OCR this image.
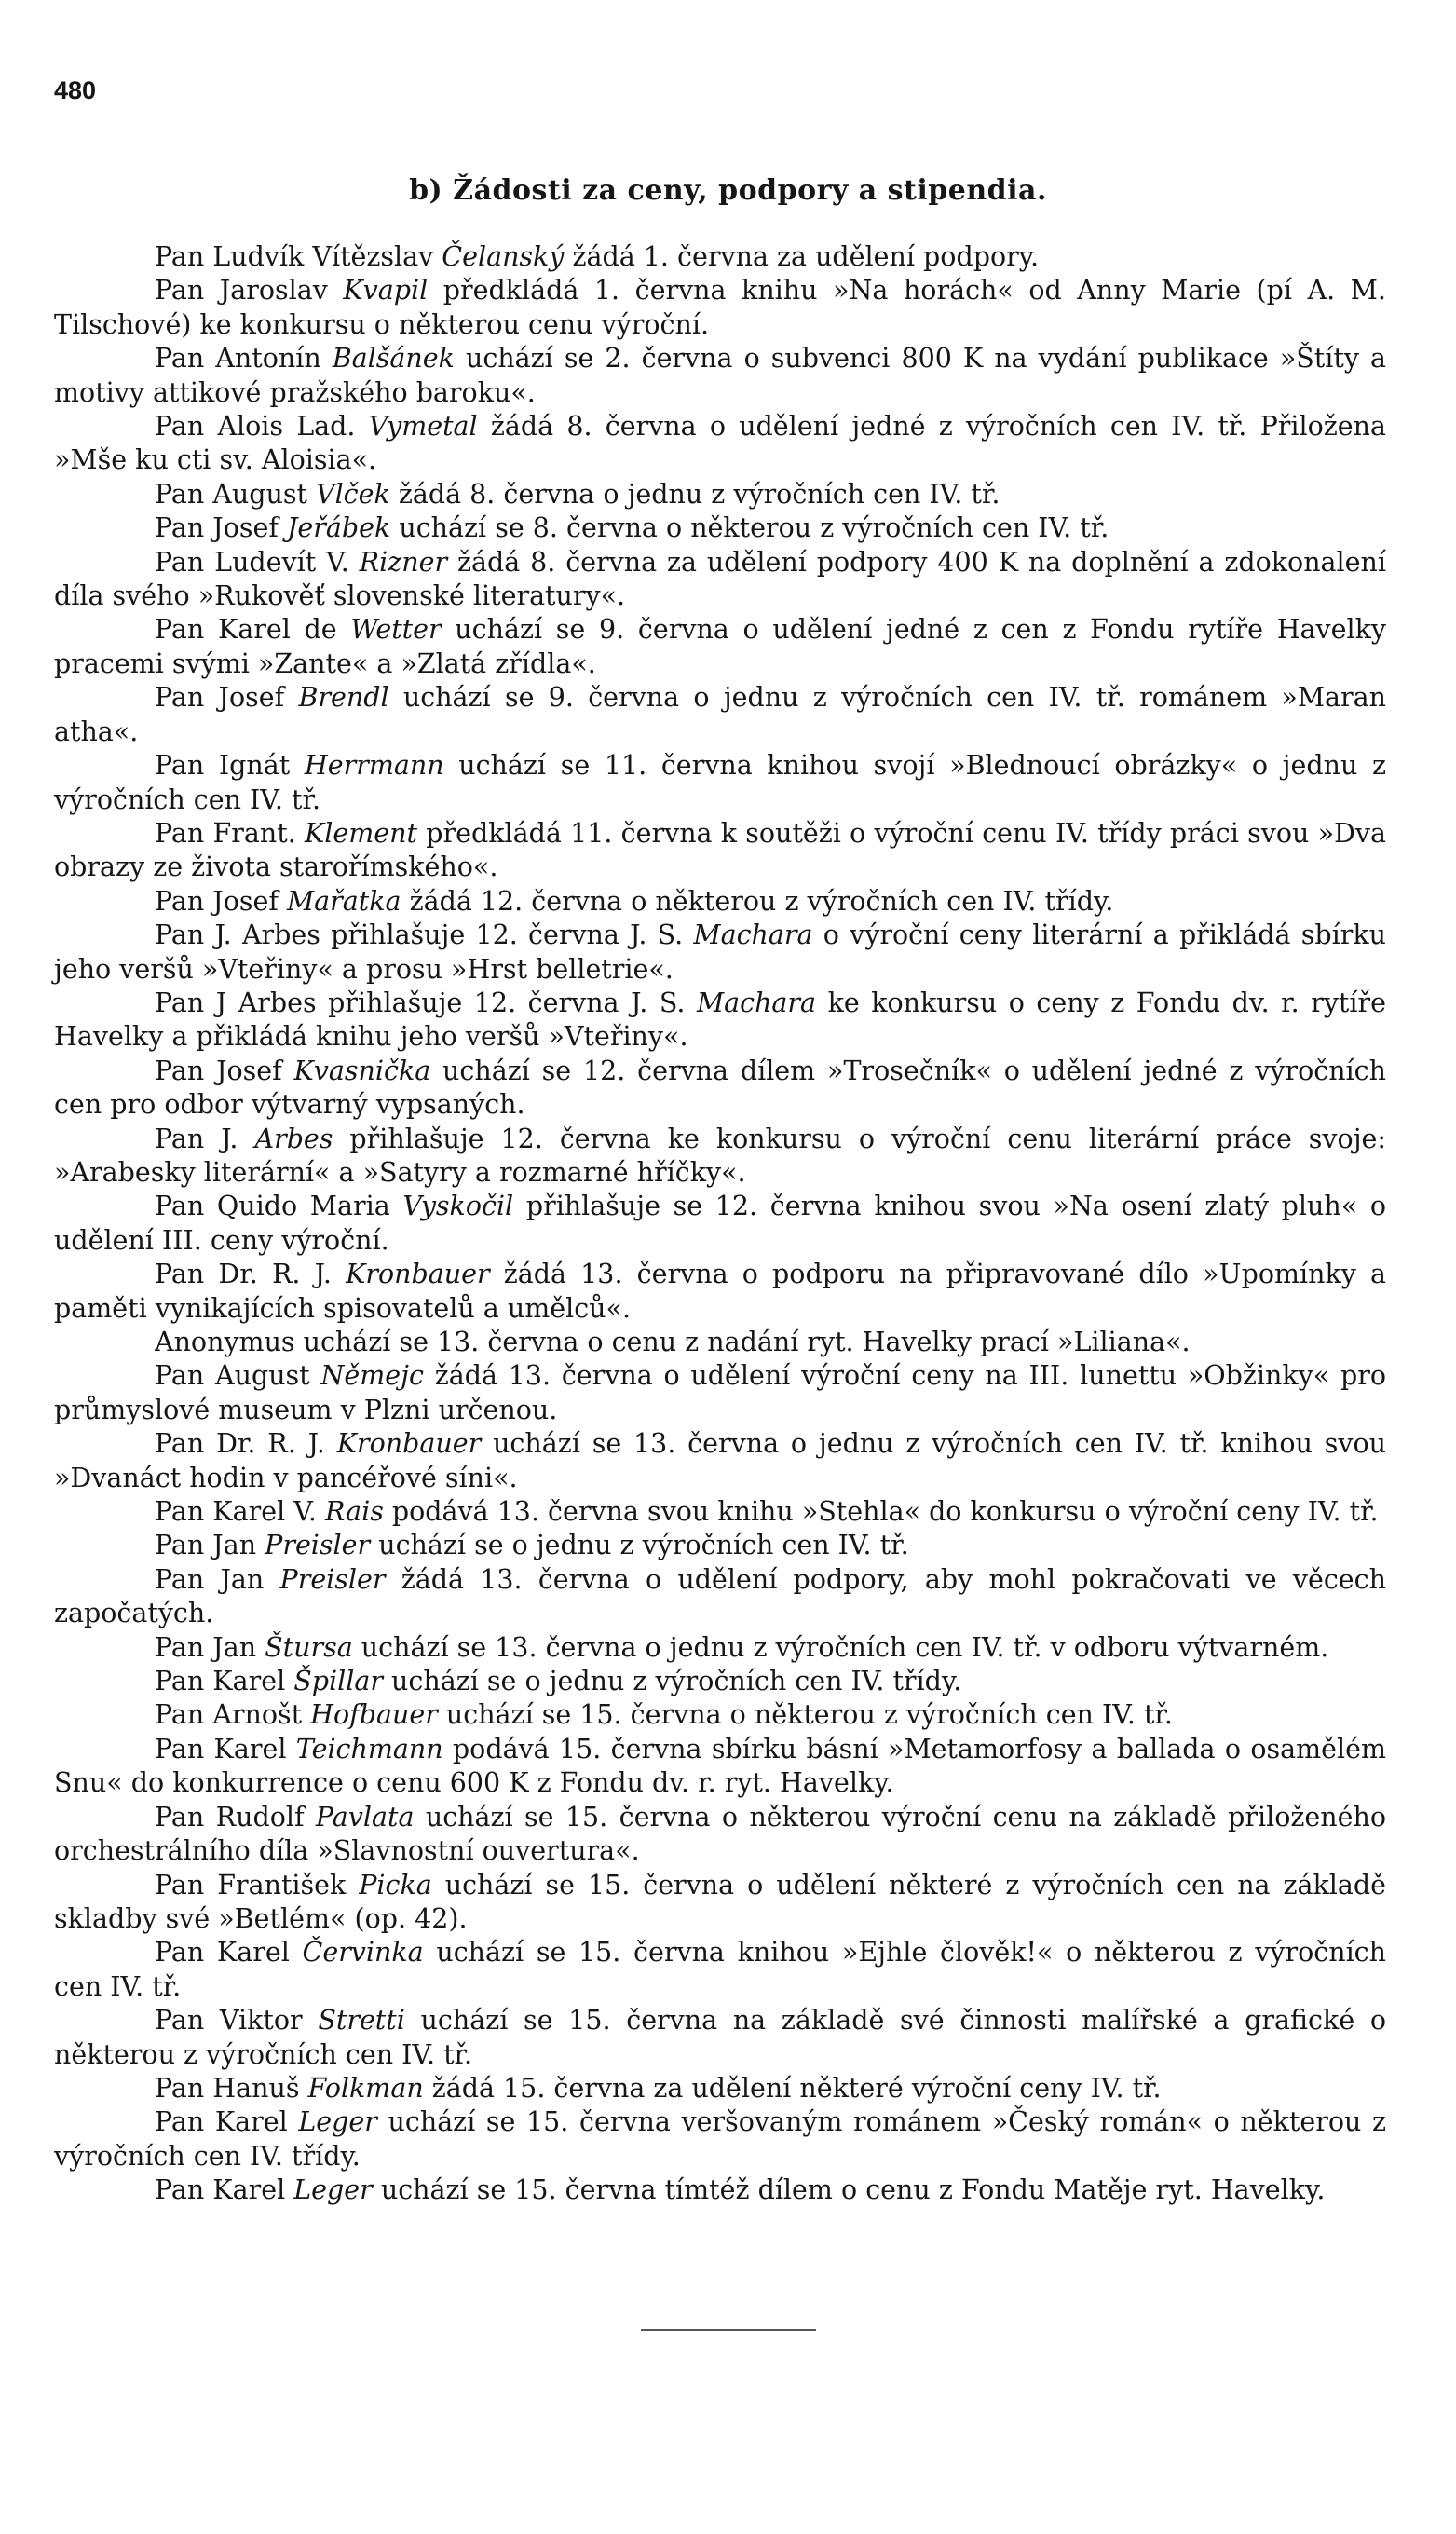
480
b) Žádosti za ceny, podpory a stipendia.
Pan Ludvík Vítězslav Čelanský žádá 1. června za udělení podpory.
Pan Jaroslav Kvapil předkládá 1. června knihu »Na horách« od Anny Marie (pí A. M. Tilschové) ke konkursu o některou cenu výroční.
Pan Antonín Balšánek uchází se 2. června o subvenci 800 K na vydání publikace »Štíty a motivy attikové pražského baroku«.
Pan Alois Lad. Vymetal žádá 8. června o udělení jedné z výročních cen IV. tř. Přiložena »Mše ku cti sv. Aloisia«.
Pan August Vlček žádá 8. června o jednu z výročních cen IV. tř.
Pan Josef Jeřábek uchází se 8. června o některou z výročních cen IV. tř.
Pan Ludevít V. Rizner žádá 8. června za udělení podpory 400 K na doplnění a zdokonalení díla svého »Rukověť slovenské literatury«.
Pan Karel de Wetter uchází se 9. června o udělení jedné z cen z Fondu rytíře Havelky pracemi svými »Zante« a »Zlatá zřídla«.
Pan Josef Brendl uchází se 9. června o jednu z výročních cen IV. tř. románem »Maran atha«.
Pan Ignát Herrmann uchází se 11. června knihou svojí »Blednoucí obrázky« o jednu z výročních cen IV. tř.
Pan Frant. Klement předkládá 11. června k soutěži o výroční cenu IV. třídy práci svou »Dva obrazy ze života starořímského«.
Pan Josef Mařatka žádá 12. června o některou z výročních cen IV. třídy.
Pan J. Arbes přihlašuje 12. června J. S. Machara o výroční ceny literární a přikládá sbírku jeho veršů »Vteřiny« a prosu »Hrst belletrie«.
Pan J Arbes přihlašuje 12. června J. S. Machara ke konkursu o ceny z Fondu dv. r. rytíře Havelky a přikládá knihu jeho veršů »Vteřiny«.
Pan Josef Kvasnička uchází se 12. června dílem »Trosečník« o udělení jedné z výročních cen pro odbor výtvarný vypsaných.
Pan J. Arbes přihlašuje 12. června ke konkursu o výroční cenu literární práce svoje: »Arabesky literární« a »Satyry a rozmarné hříčky«.
Pan Quido Maria Vyskočil přihlašuje se 12. června knihou svou »Na osení zlatý pluh« o udělení III. ceny výroční.
Pan Dr. R. J. Kronbauer žádá 13. června o podporu na připravované dílo »Upomínky a paměti vynikajících spisovatelů a umělců«.
Anonymus uchází se 13. června o cenu z nadání ryt. Havelky prací »Liliana«.
Pan August Němejc žádá 13. června o udělení výroční ceny na III. lunettu »Obžinky« pro průmyslové museum v Plzni určenou.
Pan Dr. R. J. Kronbauer uchází se 13. června o jednu z výročních cen IV. tř. knihou svou »Dvanáct hodin v pancéřové síni«.
Pan Karel V. Rais podává 13. června svou knihu »Stehla« do konkursu o výroční ceny IV. tř.
Pan Jan Preisler uchází se o jednu z výročních cen IV. tř.
Pan Jan Preisler žádá 13. června o udělení podpory, aby mohl pokračovati ve věcech započatých.
Pan Jan Štursa uchází se 13. června o jednu z výročních cen IV. tř. v odboru výtvarném.
Pan Karel Špillar uchází se o jednu z výročních cen IV. třídy.
Pan Arnošt Hofbauer uchází se 15. června o některou z výročních cen IV. tř.
Pan Karel Teichmann podává 15. června sbírku básní »Metamorfosy a ballada o osamělém Snu« do konkurrence o cenu 600 K z Fondu dv. r. ryt. Havelky.
Pan Rudolf Pavlata uchází se 15. června o některou výroční cenu na základě přiloženého orchestrálního díla »Slavnostní ouvertura«.
Pan František Picka uchází se 15. června o udělení některé z výročních cen na základě skladby své »Betlém« (op. 42).
Pan Karel Červinka uchází se 15. června knihou »Ejhle člověk!« o některou z výročních cen IV. tř.
Pan Viktor Stretti uchází se 15. června na základě své činnosti malířské a grafické o některou z výročních cen IV. tř.
Pan Hanuš Folkman žádá 15. června za udělení některé výroční ceny IV. tř.
Pan Karel Leger uchází se 15. června veršovaným románem »Český román« o některou z výročních cen IV. třídy.
Pan Karel Leger uchází se 15. června tímtéž dílem o cenu z Fondu Matěje ryt. Havelky.
